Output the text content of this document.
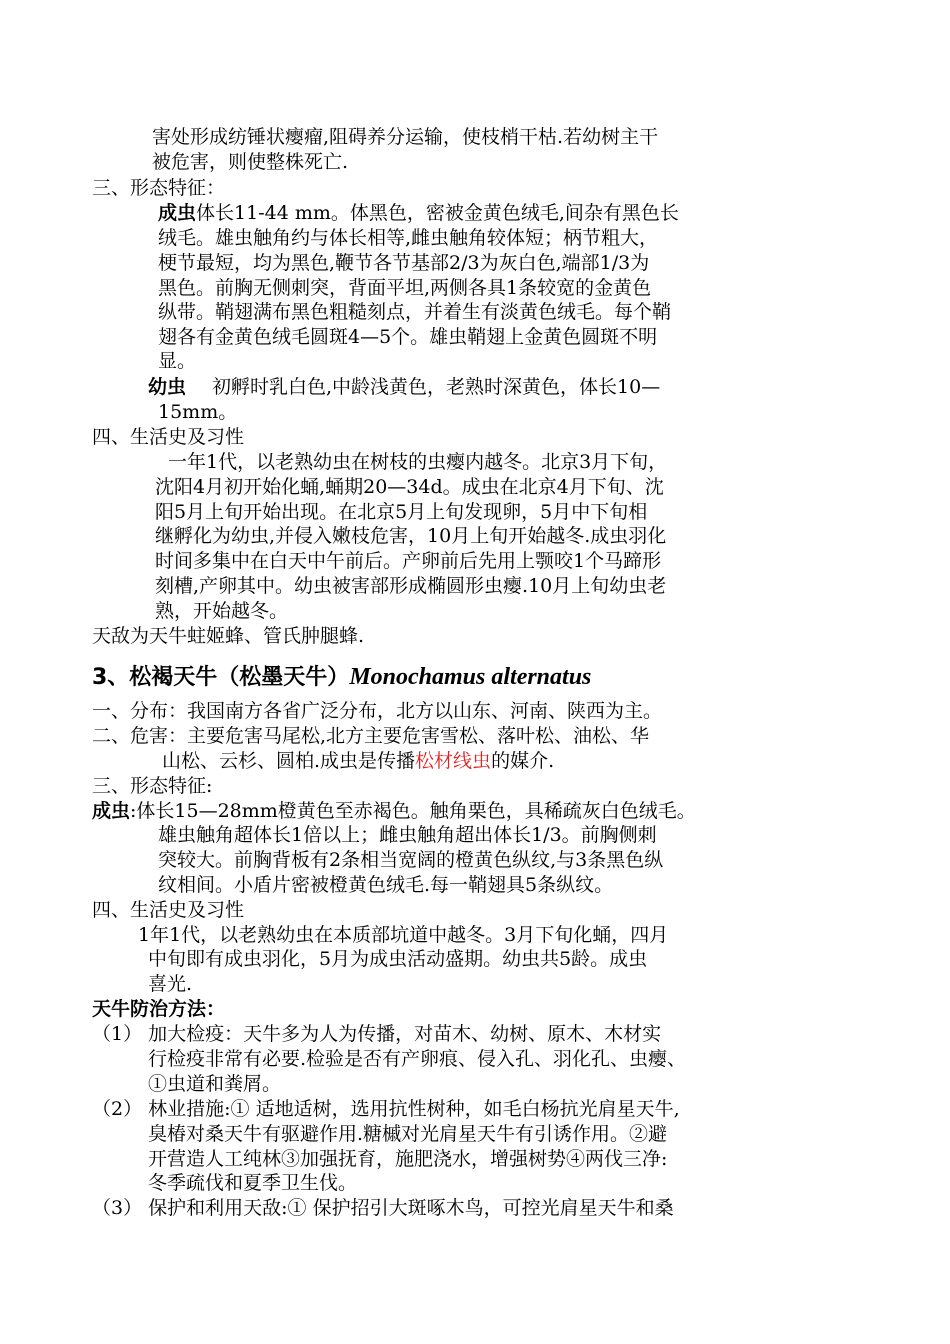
害处形成纺锤状瘿瘤,阻碍养分运输，使枝梢干枯.若幼树主干

被危害，则使整株死亡.

三、形态特征：

成虫体长11-44 mm。体黑色，密被金黄色绒毛,间杂有黑色长

绒毛。雄虫触角约与体长相等,雌虫触角较体短；柄节粗大，

梗节最短，均为黑色,鞭节各节基部2/3为灰白色,端部1/3为

黑色。前胸无侧刺突，背面平坦,两侧各具1条较宽的金黄色

纵带。鞘翅满布黑色粗糙刻点，并着生有淡黄色绒毛。每个鞘

翅各有金黄色绒毛圆斑4—5个。雄虫鞘翅上金黄色圆斑不明

显。

幼虫 初孵时乳白色,中龄浅黄色，老熟时深黄色，体长10—

15mm。

四、生活史及习性

一年1代，以老熟幼虫在树枝的虫瘿内越冬。北京3月下旬，

沈阳4月初开始化蛹,蛹期20—34d。成虫在北京4月下旬、沈

阳5月上旬开始出现。在北京5月上旬发现卵，5月中下旬相

继孵化为幼虫,并侵入嫩枝危害，10月上旬开始越冬.成虫羽化

时间多集中在白天中午前后。产卵前后先用上颚咬1个马蹄形

刻槽,产卵其中。幼虫被害部形成椭圆形虫瘿.10月上旬幼虫老

熟，开始越冬。

天敌为天牛蛀姬蜂、管氏肿腿蜂.

3、松褐天牛（松墨天牛）Monochamus alternatus

一、分布：我国南方各省广泛分布，北方以山东、河南、陕西为主。

二、危害：主要危害马尾松,北方主要危害雪松、落叶松、油松、华

山松、云杉、圆柏.成虫是传播松材线虫的媒介.

三、形态特征:

成虫:体长15—28mm橙黄色至赤褐色。触角栗色，具稀疏灰白色绒毛。

雄虫触角超体长1倍以上；雌虫触角超出体长1/3。前胸侧刺

突较大。前胸背板有2条相当宽阔的橙黄色纵纹,与3条黑色纵

纹相间。小盾片密被橙黄色绒毛.每一鞘翅具5条纵纹。

四、生活史及习性

1年1代，以老熟幼虫在本质部坑道中越冬。3月下旬化蛹，四月

中旬即有成虫羽化，5月为成虫活动盛期。幼虫共5龄。成虫

喜光.

天牛防治方法：

（1） 加大检疫：天牛多为人为传播，对苗木、幼树、原木、木材实

行检疫非常有必要.检验是否有产卵痕、侵入孔、羽化孔、虫瘿、

①虫道和粪屑。

（2） 林业措施:① 适地适树，选用抗性树种，如毛白杨抗光肩星天牛,

臭椿对桑天牛有驱避作用.糖槭对光肩星天牛有引诱作用。②避

开营造人工纯林③加强抚育，施肥浇水，增强树势④两伐三净:

冬季疏伐和夏季卫生伐。

（3） 保护和利用天敌:① 保护招引大斑啄木鸟，可控光肩星天牛和桑
